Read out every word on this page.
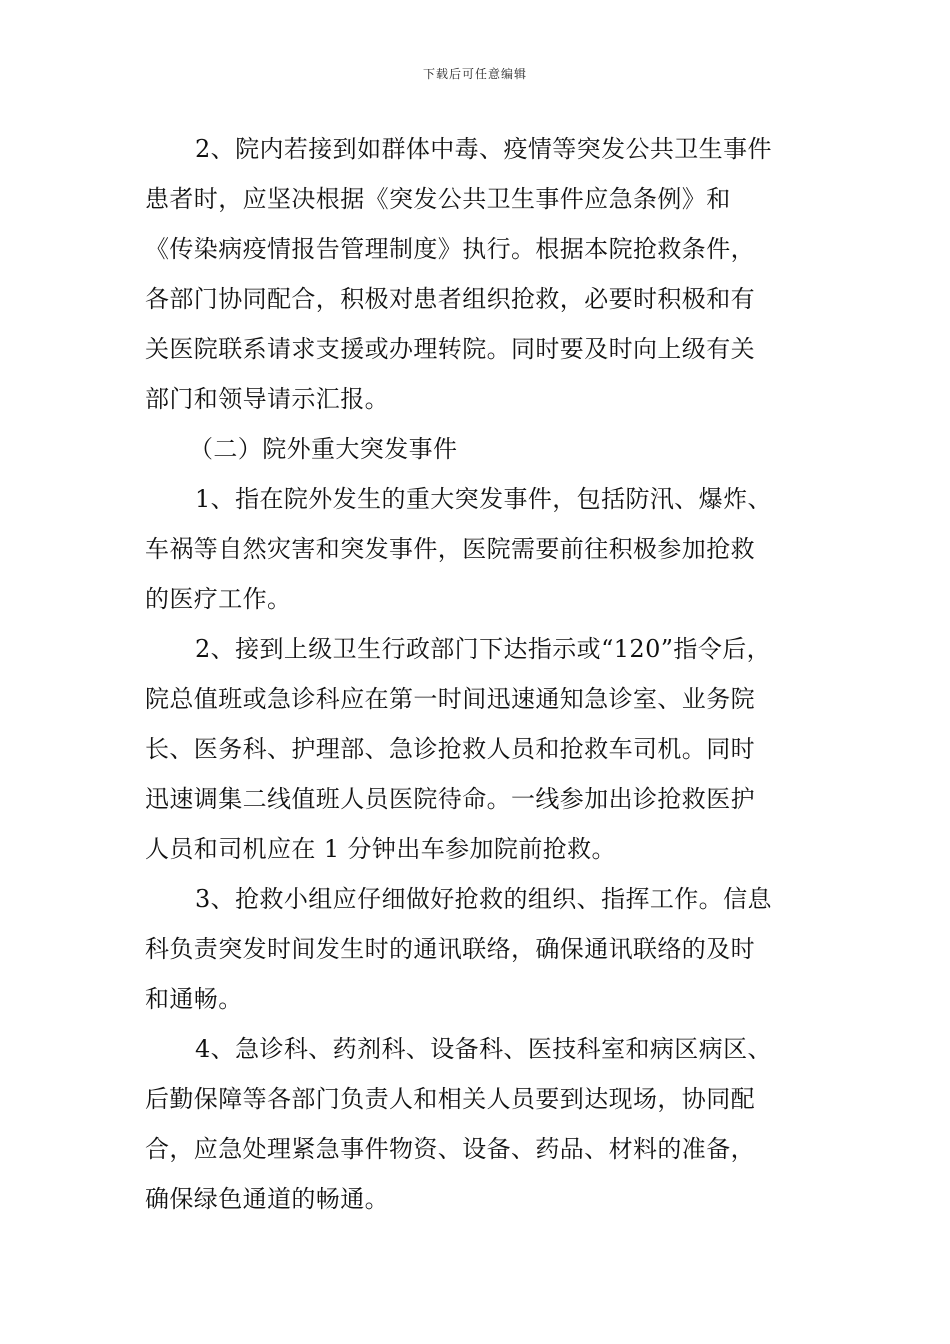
下载后可任意编辑
2、院内若接到如群体中毒、疫情等突发公共卫生事件
患者时，应坚决根据《突发公共卫生事件应急条例》和
《传染病疫情报告管理制度》执行。根据本院抢救条件，
各部门协同配合，积极对患者组织抢救，必要时积极和有
关医院联系请求支援或办理转院。同时要及时向上级有关
部门和领导请示汇报。
（二）院外重大突发事件
1、指在院外发生的重大突发事件，包括防汛、爆炸、
车祸等自然灾害和突发事件，医院需要前往积极参加抢救
的医疗工作。
2、接到上级卫生行政部门下达指示或“120”指令后，
院总值班或急诊科应在第一时间迅速通知急诊室、业务院
长、医务科、护理部、急诊抢救人员和抢救车司机。同时
迅速调集二线值班人员医院待命。一线参加出诊抢救医护
人员和司机应在 1 分钟出车参加院前抢救。
3、抢救小组应仔细做好抢救的组织、指挥工作。信息
科负责突发时间发生时的通讯联络，确保通讯联络的及时
和通畅。
4、急诊科、药剂科、设备科、医技科室和病区病区、
后勤保障等各部门负责人和相关人员要到达现场，协同配
合，应急处理紧急事件物资、设备、药品、材料的准备，
确保绿色通道的畅通。
